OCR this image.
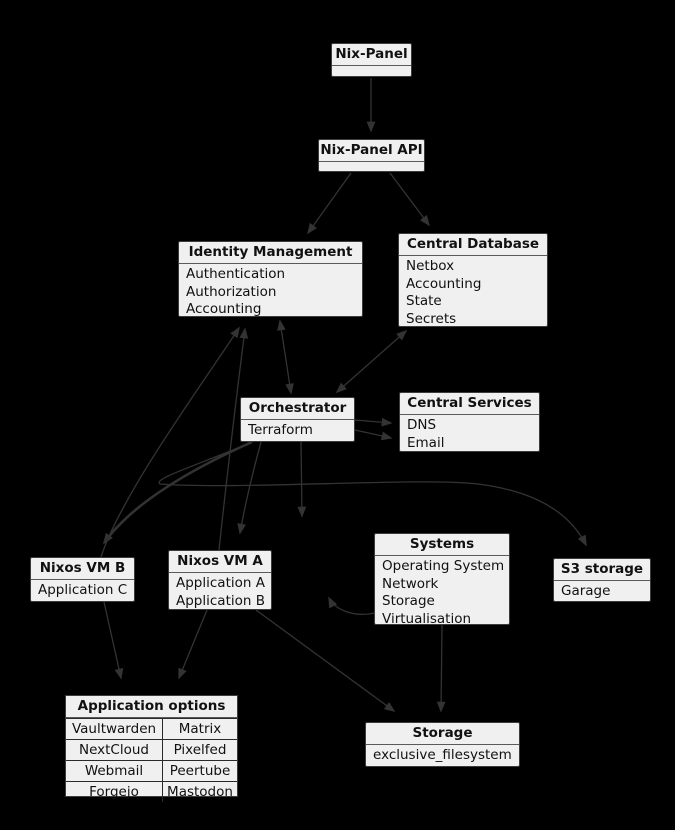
Nix-Panel
Nix-Panel API
Identity Management
Authentication
Authorization
Accounting
Central Database
Netbox
Accounting
State
Secrets
Orchestrator
Terraform
Central Services
DNS
Email
Nixos VM B
Application C
Nixos VM A
Application A
Application B
Systems
Operating System
Network
Storage
Virtualisation
S3 storage
Garage
Application options
Vaultwarden	Matrix
NextCloud	Pixelfed
Webmail	Peertube
Forgejo	Mastodon
Storage
exclusive_filesystem
